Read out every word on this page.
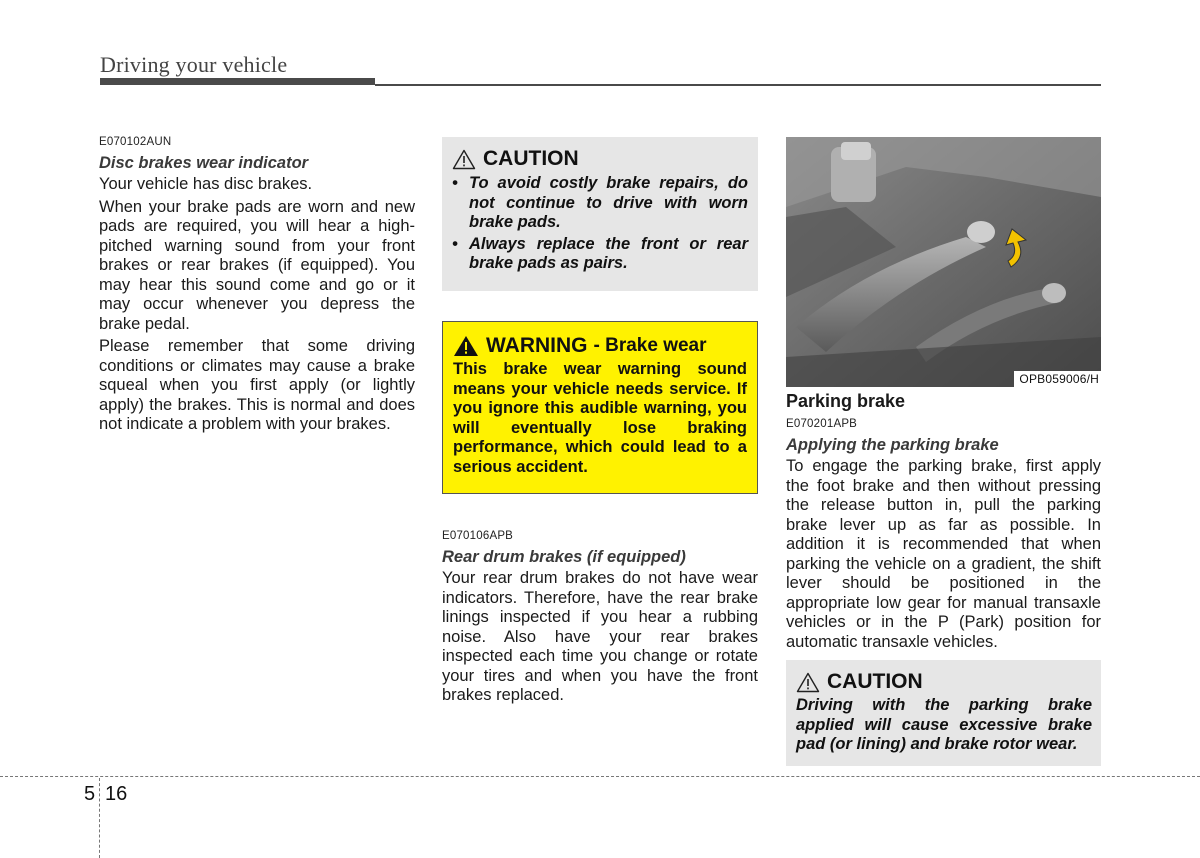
Driving your vehicle
E070102AUN
Disc brakes wear indicator

Your vehicle has disc brakes.

When your brake pads are worn and new pads are required, you will hear a high-pitched warning sound from your front brakes or rear brakes (if equipped). You may hear this sound come and go or it may occur whenever you depress the brake pedal.

Please remember that some driving conditions or climates may cause a brake squeal when you first apply (or lightly apply) the brakes. This is normal and does not indicate a problem with your brakes.

CAUTION
• To avoid costly brake repairs, do not continue to drive with worn brake pads.
• Always replace the front or rear brake pads as pairs.
WARNING - Brake wear
This brake wear warning sound means your vehicle needs service. If you ignore this audible warning, you will eventually lose braking performance, which could lead to a serious accident.
E070106APB
Rear drum brakes (if equipped)

Your rear drum brakes do not have wear indicators. Therefore, have the rear brake linings inspected if you hear a rubbing noise. Also have your rear brakes inspected each time you change or rotate your tires and when you have the front brakes replaced.

OPB059006/H
Parking brake
E070201APB
Applying the parking brake

To engage the parking brake, first apply the foot brake and then without pressing the release button in, pull the parking brake lever up as far as possible. In addition it is recommended that when parking the vehicle on a gradient, the shift lever should be positioned in the appropriate low gear for manual transaxle vehicles or in the P (Park) position for automatic transaxle vehicles.

CAUTION
Driving with the parking brake applied will cause excessive brake pad (or lining) and brake rotor wear.
5 16
